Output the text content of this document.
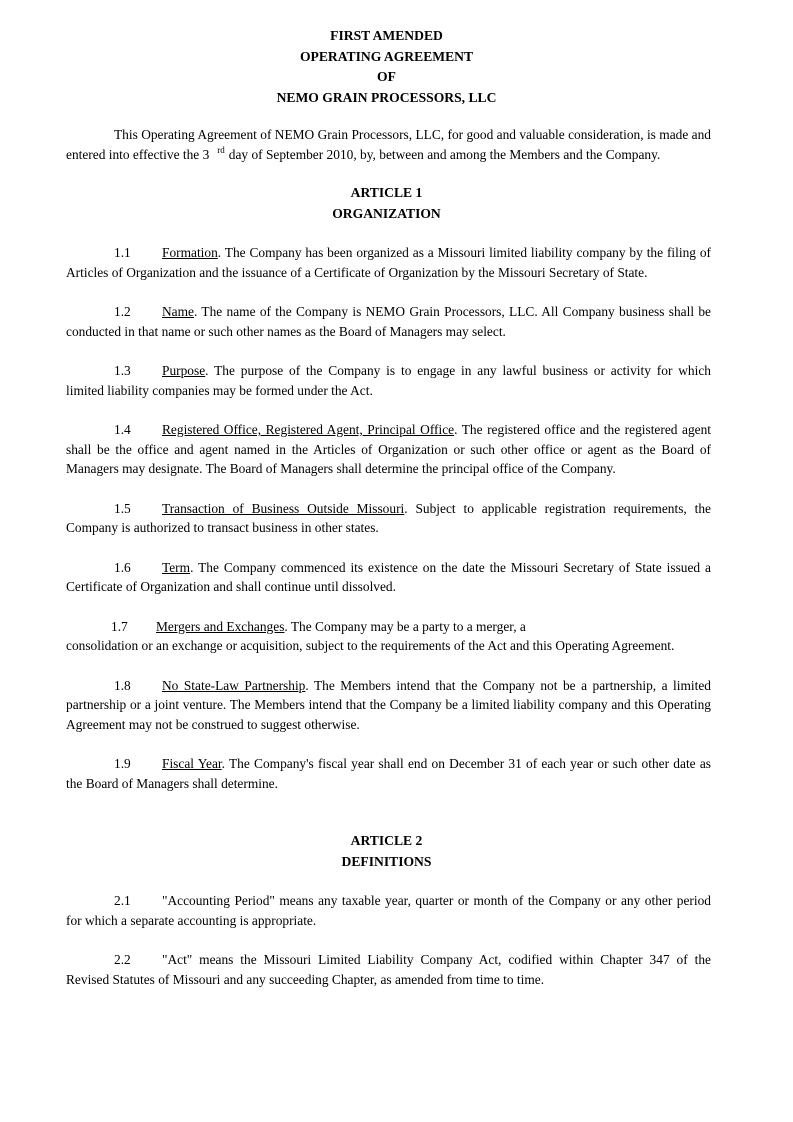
FIRST AMENDED
OPERATING AGREEMENT
OF
NEMO GRAIN PROCESSORS, LLC

This Operating Agreement of NEMO Grain Processors, LLC, for good and valuable consideration, is made and entered into effective the 3 $^{rd}$ day of September 2010, by, between and among the Members and the Company.

ARTICLE 1
ORGANIZATION

1.1 Formation. The Company has been organized as a Missouri limited liability company by the filing of Articles of Organization and the issuance of a Certificate of Organization by the Missouri Secretary of State.

1.2 Name. The name of the Company is NEMO Grain Processors, LLC. All Company business shall be conducted in that name or such other names as the Board of Managers may select.

1.3 Purpose. The purpose of the Company is to engage in any lawful business or activity for which limited liability companies may be formed under the Act.

1.4 Registered Office, Registered Agent, Principal Office. The registered office and the registered agent shall be the office and agent named in the Articles of Organization or such other office or agent as the Board of Managers may designate. The Board of Managers shall determine the principal office of the Company.

1.5 Transaction of Business Outside Missouri. Subject to applicable registration requirements, the Company is authorized to transact business in other states.

1.6 Term. The Company commenced its existence on the date the Missouri Secretary of State issued a Certificate of Organization and shall continue until dissolved.

1.7 Mergers and Exchanges. The Company may be a party to a merger, a
consolidation or an exchange or acquisition, subject to the requirements of the Act and this Operating Agreement.

1.8 No State-Law Partnership. The Members intend that the Company not be a partnership, a limited partnership or a joint venture. The Members intend that the Company be a limited liability company and this Operating Agreement may not be construed to suggest otherwise.

1.9 Fiscal Year. The Company's fiscal year shall end on December 31 of each year or such other date as the Board of Managers shall determine.

ARTICLE 2
DEFINITIONS

2.1 "Accounting Period" means any taxable year, quarter or month of the Company or any other period for which a separate accounting is appropriate.

2.2 "Act" means the Missouri Limited Liability Company Act, codified within Chapter 347 of the Revised Statutes of Missouri and any succeeding Chapter, as amended from time to time.
